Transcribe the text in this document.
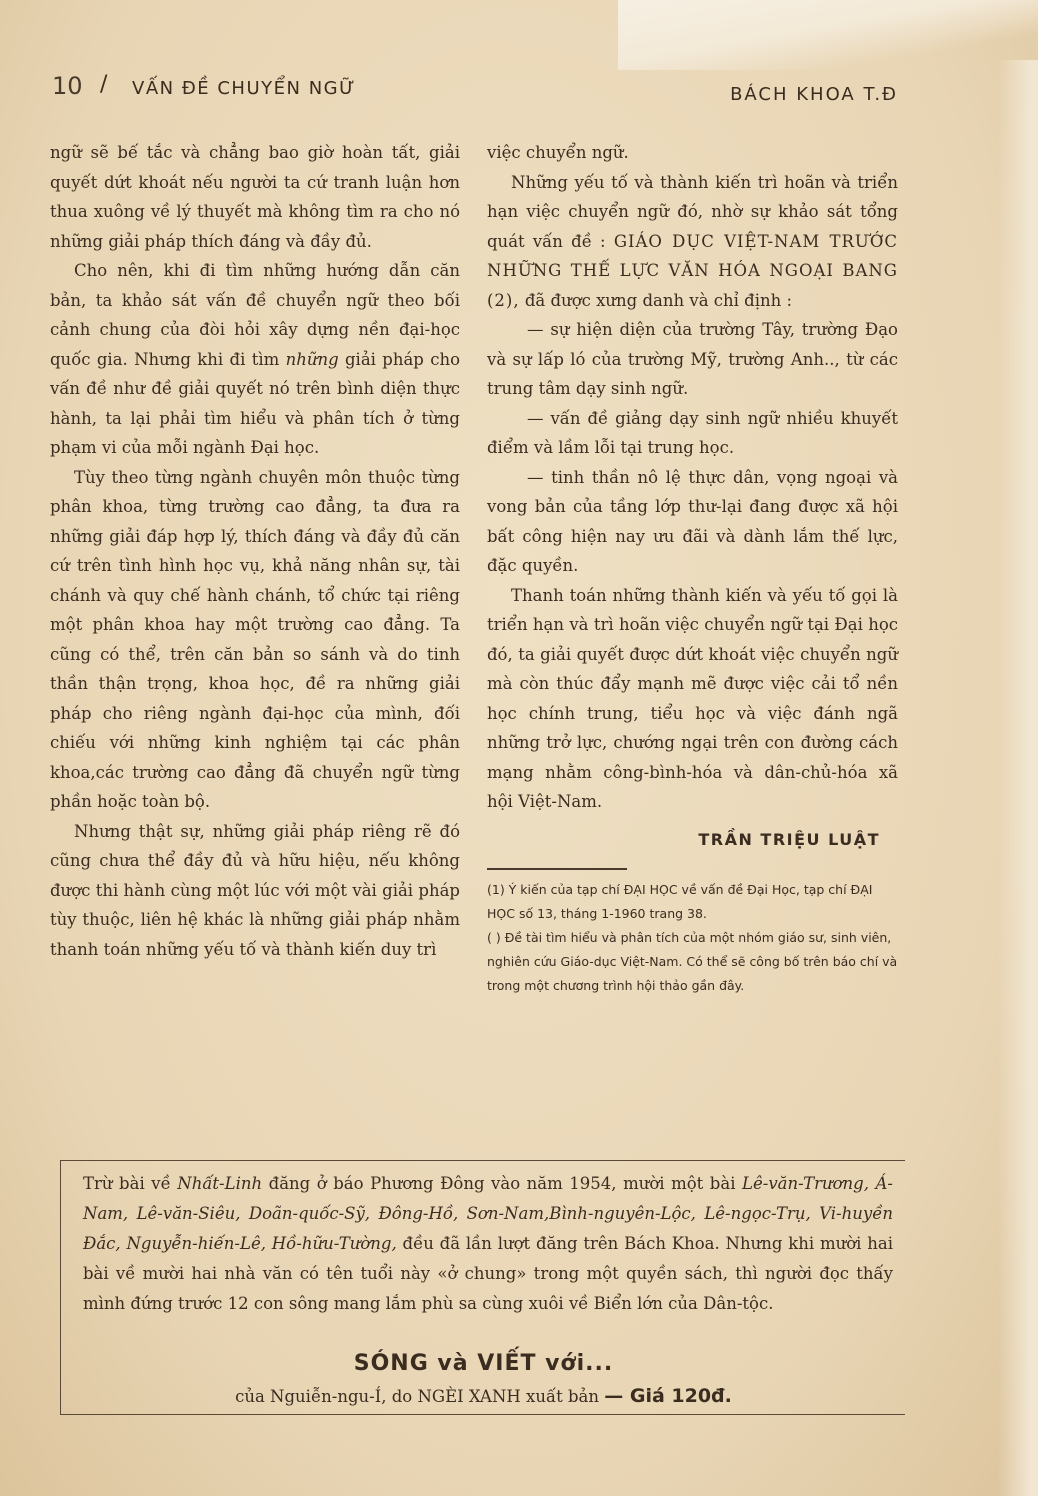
10 / VẤN ĐỀ CHUYỂN NGỮ	BÁCH KHOA T.Đ

ngữ sẽ bế tắc và chẳng bao giờ hoàn tất, giải quyết dứt khoát nếu người ta cứ tranh luận hơn thua xuông về lý thuyết mà không tìm ra cho nó những giải pháp thích đáng và đầy đủ.

Cho nên, khi đi tìm những hướng dẫn căn bản, ta khảo sát vấn đề chuyển ngữ theo bối cảnh chung của đòi hỏi xây dựng nền đại-học quốc gia. Nhưng khi đi tìm những giải pháp cho vấn đề như đề giải quyết nó trên bình diện thực hành, ta lại phải tìm hiểu và phân tích ở từng phạm vi của mỗi ngành Đại học.

Tùy theo từng ngành chuyên môn thuộc từng phân khoa, từng trường cao đẳng, ta đưa ra những giải đáp hợp lý, thích đáng và đầy đủ căn cứ trên tình hình học vụ, khả năng nhân sự, tài chánh và quy chế hành chánh, tổ chức tại riêng một phân khoa hay một trường cao đẳng. Ta cũng có thể, trên căn bản so sánh và do tinh thần thận trọng, khoa học, đề ra những giải pháp cho riêng ngành đại-học của mình, đối chiếu với những kinh nghiệm tại các phân khoa,các trường cao đẳng đã chuyển ngữ từng phần hoặc toàn bộ.

Nhưng thật sự, những giải pháp riêng rẽ đó cũng chưa thể đầy đủ và hữu hiệu, nếu không được thi hành cùng một lúc với một vài giải pháp tùy thuộc, liên hệ khác là những giải pháp nhằm thanh toán những yếu tố và thành kiến duy trì

việc chuyển ngữ.

Những yếu tố và thành kiến trì hoãn và triển hạn việc chuyển ngữ đó, nhờ sự khảo sát tổng quát vấn đề : GIÁO DỤC VIỆT-NAM TRƯỚC NHỮNG THẾ LỰC VĂN HÓA NGOẠI BANG (2), đã được xưng danh và chỉ định :

— sự hiện diện của trường Tây, trường Đạo và sự lấp ló của trường Mỹ, trường Anh.., từ các trung tâm dạy sinh ngữ.

— vấn đề giảng dạy sinh ngữ nhiều khuyết điểm và lầm lỗi tại trung học.

— tinh thần nô lệ thực dân, vọng ngoại và vong bản của tầng lớp thư-lại đang được xã hội bất công hiện nay ưu đãi và dành lắm thế lực, đặc quyền.

Thanh toán những thành kiến và yếu tố gọi là triển hạn và trì hoãn việc chuyển ngữ tại Đại học đó, ta giải quyết được dứt khoát việc chuyển ngữ mà còn thúc đẩy mạnh mẽ được việc cải tổ nền học chính trung, tiểu học và việc đánh ngã những trở lực, chướng ngại trên con đường cách mạng nhằm công-bình-hóa và dân-chủ-hóa xã hội Việt-Nam.

TRẦN TRIỆU LUẬT

(1) Ý kiến của tạp chí ĐẠI HỌC về vấn đề Đại Học, tạp chí ĐẠI HỌC số 13, tháng 1-1960 trang 38.

( ) Đề tài tìm hiểu và phân tích của một nhóm giáo sư, sinh viên, nghiên cứu Giáo-dục Việt-Nam. Có thể sẽ công bố trên báo chí và trong một chương trình hội thảo gần đây.

Trừ bài về Nhất-Linh đăng ở báo Phương Đông vào năm 1954, mười một bài Lê-văn-Trương, Á-Nam, Lê-văn-Siêu, Doãn-quốc-Sỹ, Đông-Hồ, Sơn-Nam,Bình-nguyên-Lộc, Lê-ngọc-Trụ, Vi-huyền Đắc, Nguyễn-hiến-Lê, Hồ-hữu-Tường, đều đã lần lượt đăng trên Bách Khoa. Nhưng khi mười hai bài về mười hai nhà văn có tên tuổi này «ở chung» trong một quyền sách, thì người đọc thấy mình đứng trước 12 con sông mang lắm phù sa cùng xuôi về Biển lớn của Dân-tộc.
SÓNG và VIẾT với...
của Nguiễn-ngu-Í, do NGÈI XANH xuất bản — Giá 120đ.
